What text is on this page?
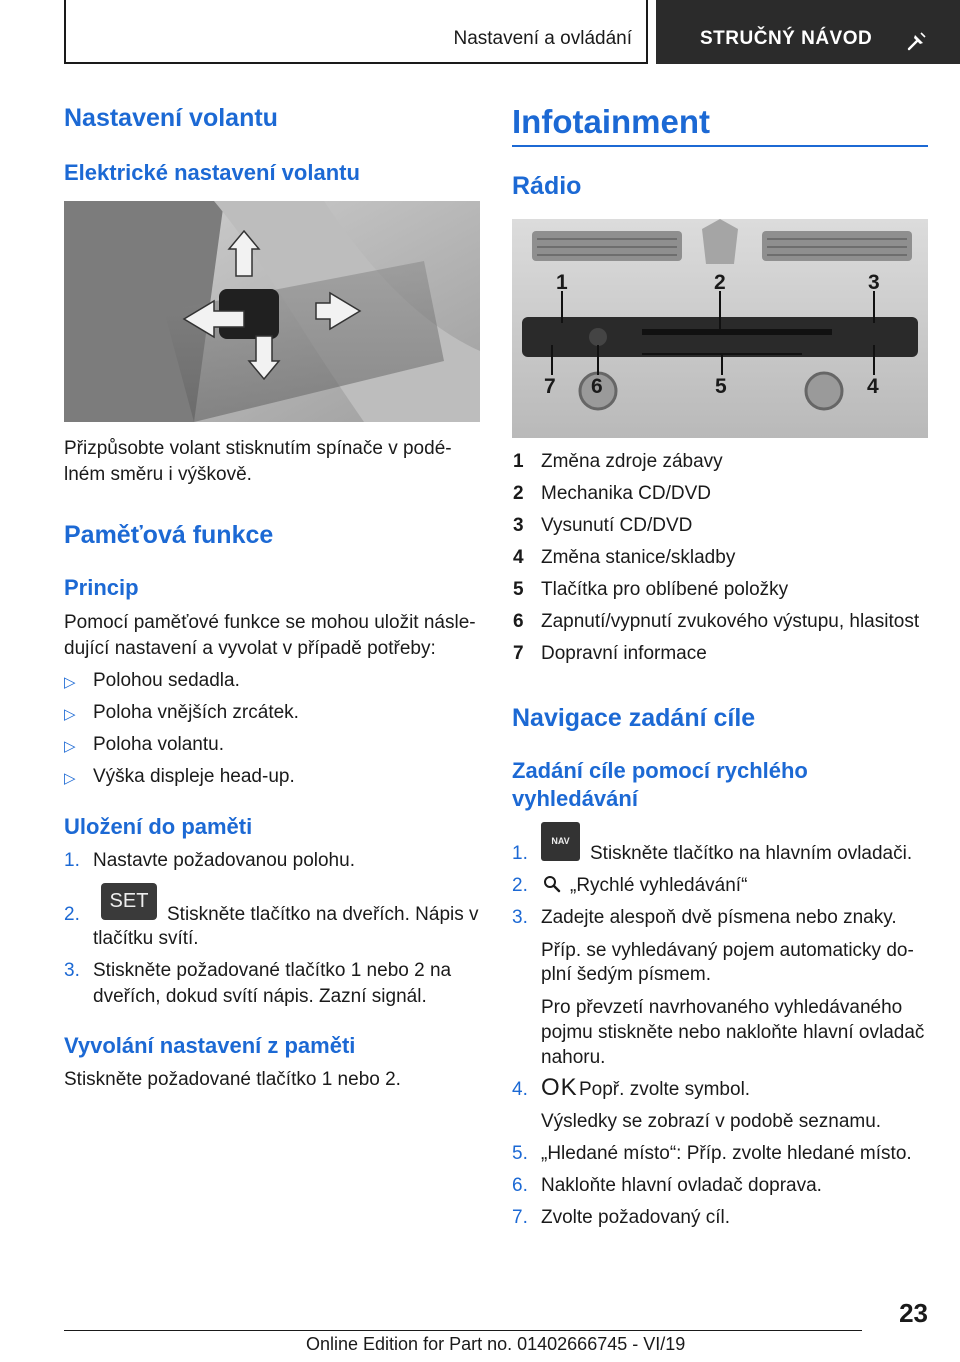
Nastavení a ovládání	STRUČNÝ NÁVOD
Nastavení volantu
Elektrické nastavení volantu
Přizpůsobte volant stisknutím spínače v podé-
lném směru i výškově.
Paměťová funkce
Princip
Pomocí paměťové funkce se mohou uložit násle-
dující nastavení a vyvolat v případě potřeby:
▷ Polohou sedadla.
▷ Poloha vnějších zrcátek.
▷ Poloha volantu.
▷ Výška displeje head-up.
Uložení do paměti
1. Nastavte požadovanou polohu.
2.
SET
Stiskněte tlačítko na dveřích. Nápis v
tlačítku svítí.
3. Stiskněte požadované tlačítko 1 nebo 2 na
dveřích, dokud svítí nápis. Zazní signál.
Vyvolání nastavení z paměti
Stiskněte požadované tlačítko 1 nebo 2.
Infotainment
Rádio
1	2	3
7 6	5	4
1 Změna zdroje zábavy
2 Mechanika CD/DVD
3 Vysunutí CD/DVD
4 Změna stanice/skladby
5 Tlačítka pro oblíbené položky
6 Zapnutí/vypnutí zvukového výstupu, hlasitost
7 Dopravní informace
Navigace zadání cíle
Zadání cíle pomocí rychlého
vyhledávání
1.
NAV
Stiskněte tlačítko na hlavním ovladači.
2. „Rychlé vyhledávání“
3. Zadejte alespoň dvě písmena nebo znaky.
Příp. se vyhledávaný pojem automaticky do-
plní šedým písmem.
Pro převzetí navrhovaného vyhledávaného
pojmu stiskněte nebo nakloňte hlavní ovladač
nahoru.
4. OK Popř. zvolte symbol.
Výsledky se zobrazí v podobě seznamu.
5. „Hledané místo“: Příp. zvolte hledané místo.
6. Nakloňte hlavní ovladač doprava.
7. Zvolte požadovaný cíl.
23
Online Edition for Part no. 01402666745 - VI/19
